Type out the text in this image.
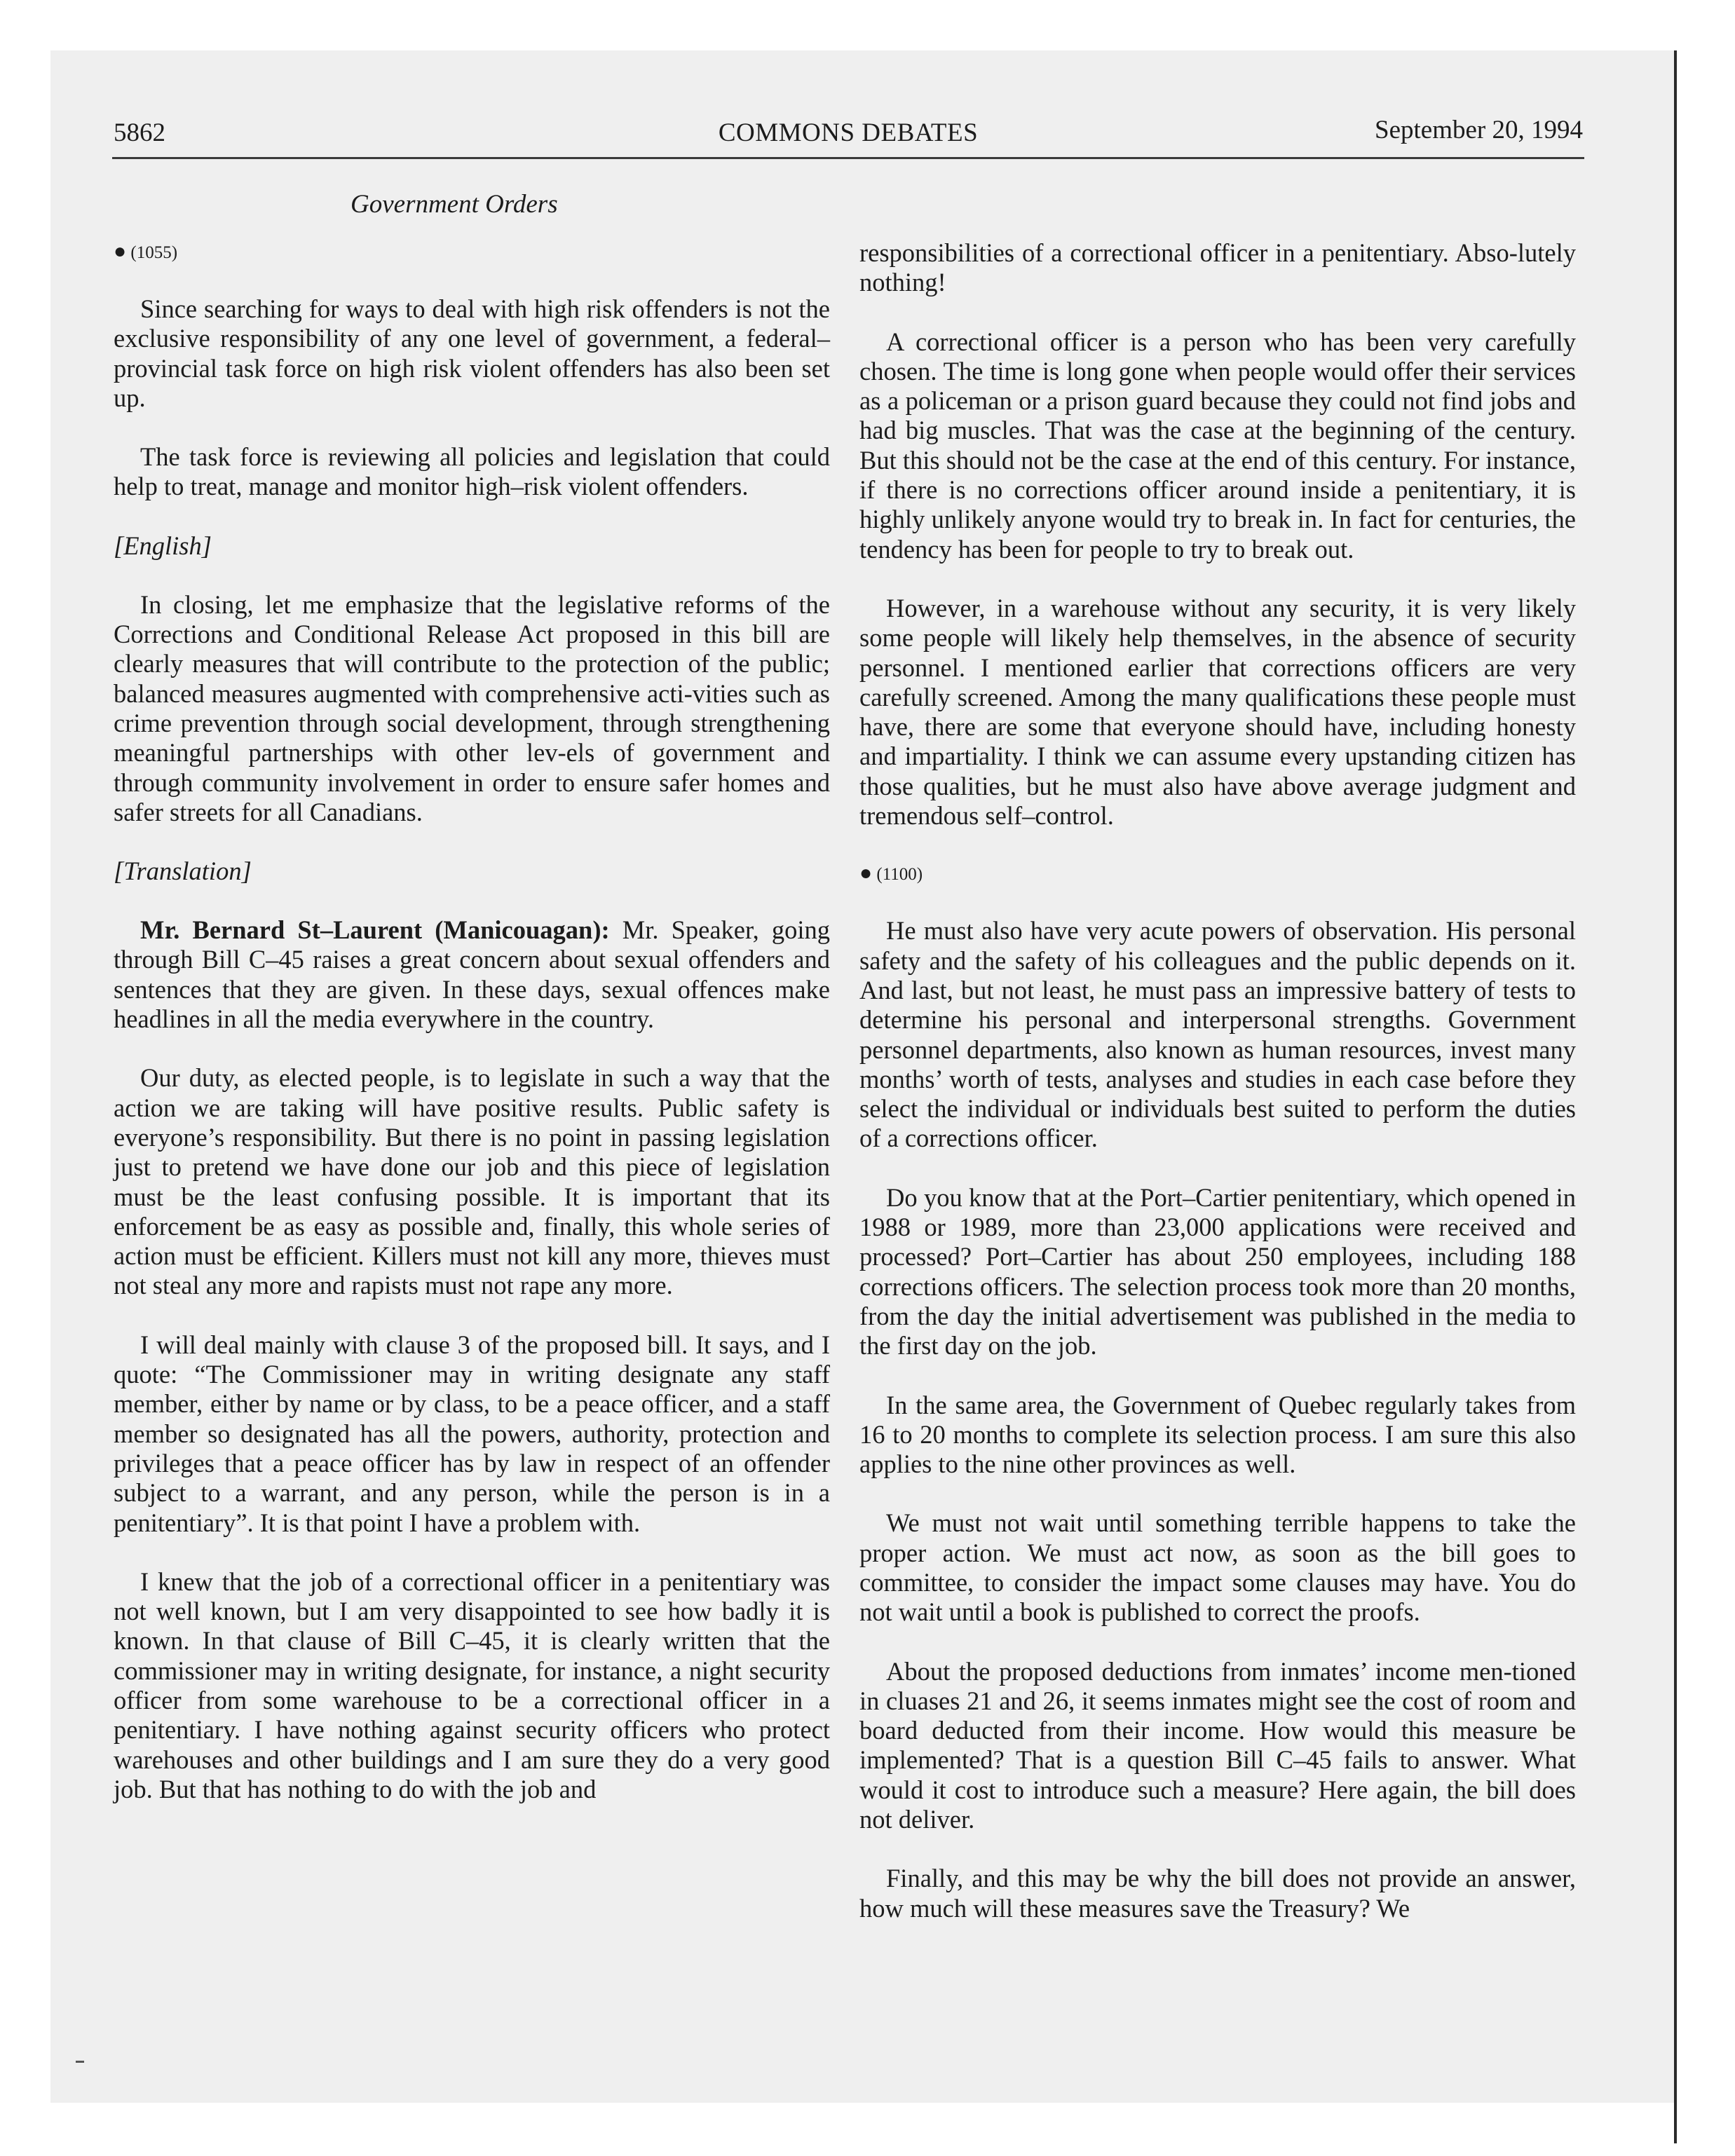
5862	COMMONS DEBATES	September 20, 1994
Government Orders
● (1055)

Since searching for ways to deal with high risk offenders is not the exclusive responsibility of any one level of government, a federal–provincial task force on high risk violent offenders has also been set up.

The task force is reviewing all policies and legislation that could help to treat, manage and monitor high–risk violent offenders.

[English]

In closing, let me emphasize that the legislative reforms of the Corrections and Conditional Release Act proposed in this bill are clearly measures that will contribute to the protection of the public; balanced measures augmented with comprehensive acti-vities such as crime prevention through social development, through strengthening meaningful partnerships with other lev-els of government and through community involvement in order to ensure safer homes and safer streets for all Canadians.

[Translation]

Mr. Bernard St–Laurent (Manicouagan): Mr. Speaker, going through Bill C–45 raises a great concern about sexual offenders and sentences that they are given. In these days, sexual offences make headlines in all the media everywhere in the country.

Our duty, as elected people, is to legislate in such a way that the action we are taking will have positive results. Public safety is everyone’s responsibility. But there is no point in passing legislation just to pretend we have done our job and this piece of legislation must be the least confusing possible. It is important that its enforcement be as easy as possible and, finally, this whole series of action must be efficient. Killers must not kill any more, thieves must not steal any more and rapists must not rape any more.

I will deal mainly with clause 3 of the proposed bill. It says, and I quote: “The Commissioner may in writing designate any staff member, either by name or by class, to be a peace officer, and a staff member so designated has all the powers, authority, protection and privileges that a peace officer has by law in respect of an offender subject to a warrant, and any person, while the person is in a penitentiary”. It is that point I have a problem with.

I knew that the job of a correctional officer in a penitentiary was not well known, but I am very disappointed to see how badly it is known. In that clause of Bill C–45, it is clearly written that the commissioner may in writing designate, for instance, a night security officer from some warehouse to be a correctional officer in a penitentiary. I have nothing against security officers who protect warehouses and other buildings and I am sure they do a very good job. But that has nothing to do with the job and

responsibilities of a correctional officer in a penitentiary. Abso-lutely nothing!

A correctional officer is a person who has been very carefully chosen. The time is long gone when people would offer their services as a policeman or a prison guard because they could not find jobs and had big muscles. That was the case at the beginning of the century. But this should not be the case at the end of this century. For instance, if there is no corrections officer around inside a penitentiary, it is highly unlikely anyone would try to break in. In fact for centuries, the tendency has been for people to try to break out.

However, in a warehouse without any security, it is very likely some people will likely help themselves, in the absence of security personnel. I mentioned earlier that corrections officers are very carefully screened. Among the many qualifications these people must have, there are some that everyone should have, including honesty and impartiality. I think we can assume every upstanding citizen has those qualities, but he must also have above average judgment and tremendous self–control.

● (1100)

He must also have very acute powers of observation. His personal safety and the safety of his colleagues and the public depends on it. And last, but not least, he must pass an impressive battery of tests to determine his personal and interpersonal strengths. Government personnel departments, also known as human resources, invest many months’ worth of tests, analyses and studies in each case before they select the individual or individuals best suited to perform the duties of a corrections officer.

Do you know that at the Port–Cartier penitentiary, which opened in 1988 or 1989, more than 23,000 applications were received and processed? Port–Cartier has about 250 employees, including 188 corrections officers. The selection process took more than 20 months, from the day the initial advertisement was published in the media to the first day on the job.

In the same area, the Government of Quebec regularly takes from 16 to 20 months to complete its selection process. I am sure this also applies to the nine other provinces as well.

We must not wait until something terrible happens to take the proper action. We must act now, as soon as the bill goes to committee, to consider the impact some clauses may have. You do not wait until a book is published to correct the proofs.

About the proposed deductions from inmates’ income men-tioned in cluases 21 and 26, it seems inmates might see the cost of room and board deducted from their income. How would this measure be implemented? That is a question Bill C–45 fails to answer. What would it cost to introduce such a measure? Here again, the bill does not deliver.

Finally, and this may be why the bill does not provide an answer, how much will these measures save the Treasury? We
